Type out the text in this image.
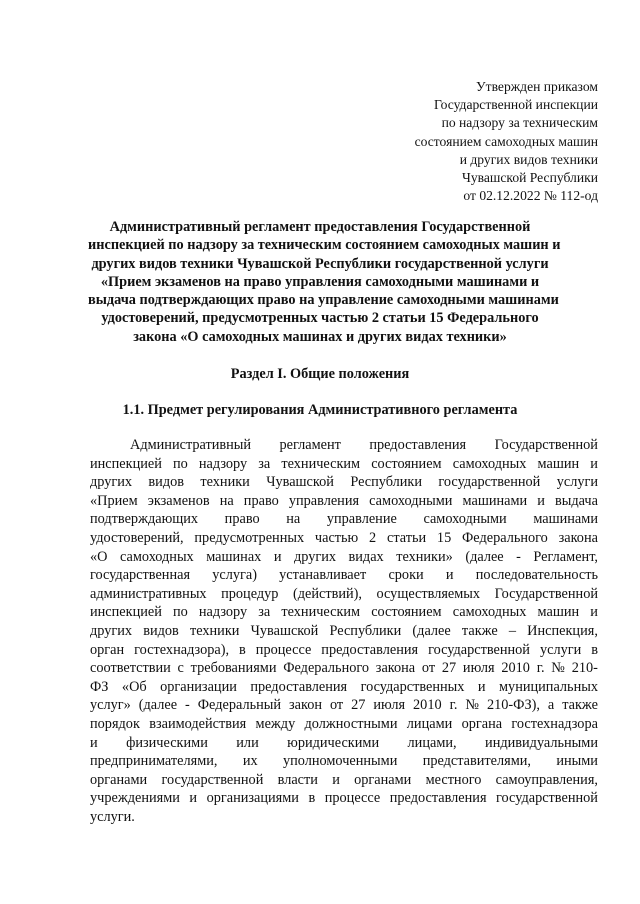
Утвержден приказом
Государственной инспекции
по надзору за техническим
состоянием самоходных машин
и других видов техники
Чувашской Республики
от 02.12.2022 № 112-од
Административный регламент предоставления Государственной
инспекцией по надзору за техническим состоянием самоходных машин и
других видов техники Чувашской Республики государственной услуги
«Прием экзаменов на право управления самоходными машинами и
выдача подтверждающих право на управление самоходными машинами
удостоверений, предусмотренных частью 2 статьи 15 Федерального
закона «О самоходных машинах и других видах техники»
Раздел I. Общие положения
1.1. Предмет регулирования Административного регламента
Административный регламент предоставления Государственной
инспекцией по надзору за техническим состоянием самоходных машин и
других видов техники Чувашской Республики государственной услуги
«Прием экзаменов на право управления самоходными машинами и выдача
подтверждающих право на управление самоходными машинами
удостоверений, предусмотренных частью 2 статьи 15 Федерального закона
«О самоходных машинах и других видах техники» (далее - Регламент,
государственная услуга) устанавливает сроки и последовательность
административных процедур (действий), осуществляемых Государственной
инспекцией по надзору за техническим состоянием самоходных машин и
других видов техники Чувашской Республики (далее также – Инспекция,
орган гостехнадзора), в процессе предоставления государственной услуги в
соответствии с требованиями Федерального закона от 27 июля 2010 г. № 210-
ФЗ «Об организации предоставления государственных и муниципальных
услуг» (далее - Федеральный закон от 27 июля 2010 г. № 210-ФЗ), а также
порядок взаимодействия между должностными лицами органа гостехнадзора
и физическими или юридическими лицами, индивидуальными
предпринимателями, их уполномоченными представителями, иными
органами государственной власти и органами местного самоуправления,
учреждениями и организациями в процессе предоставления государственной
услуги.
